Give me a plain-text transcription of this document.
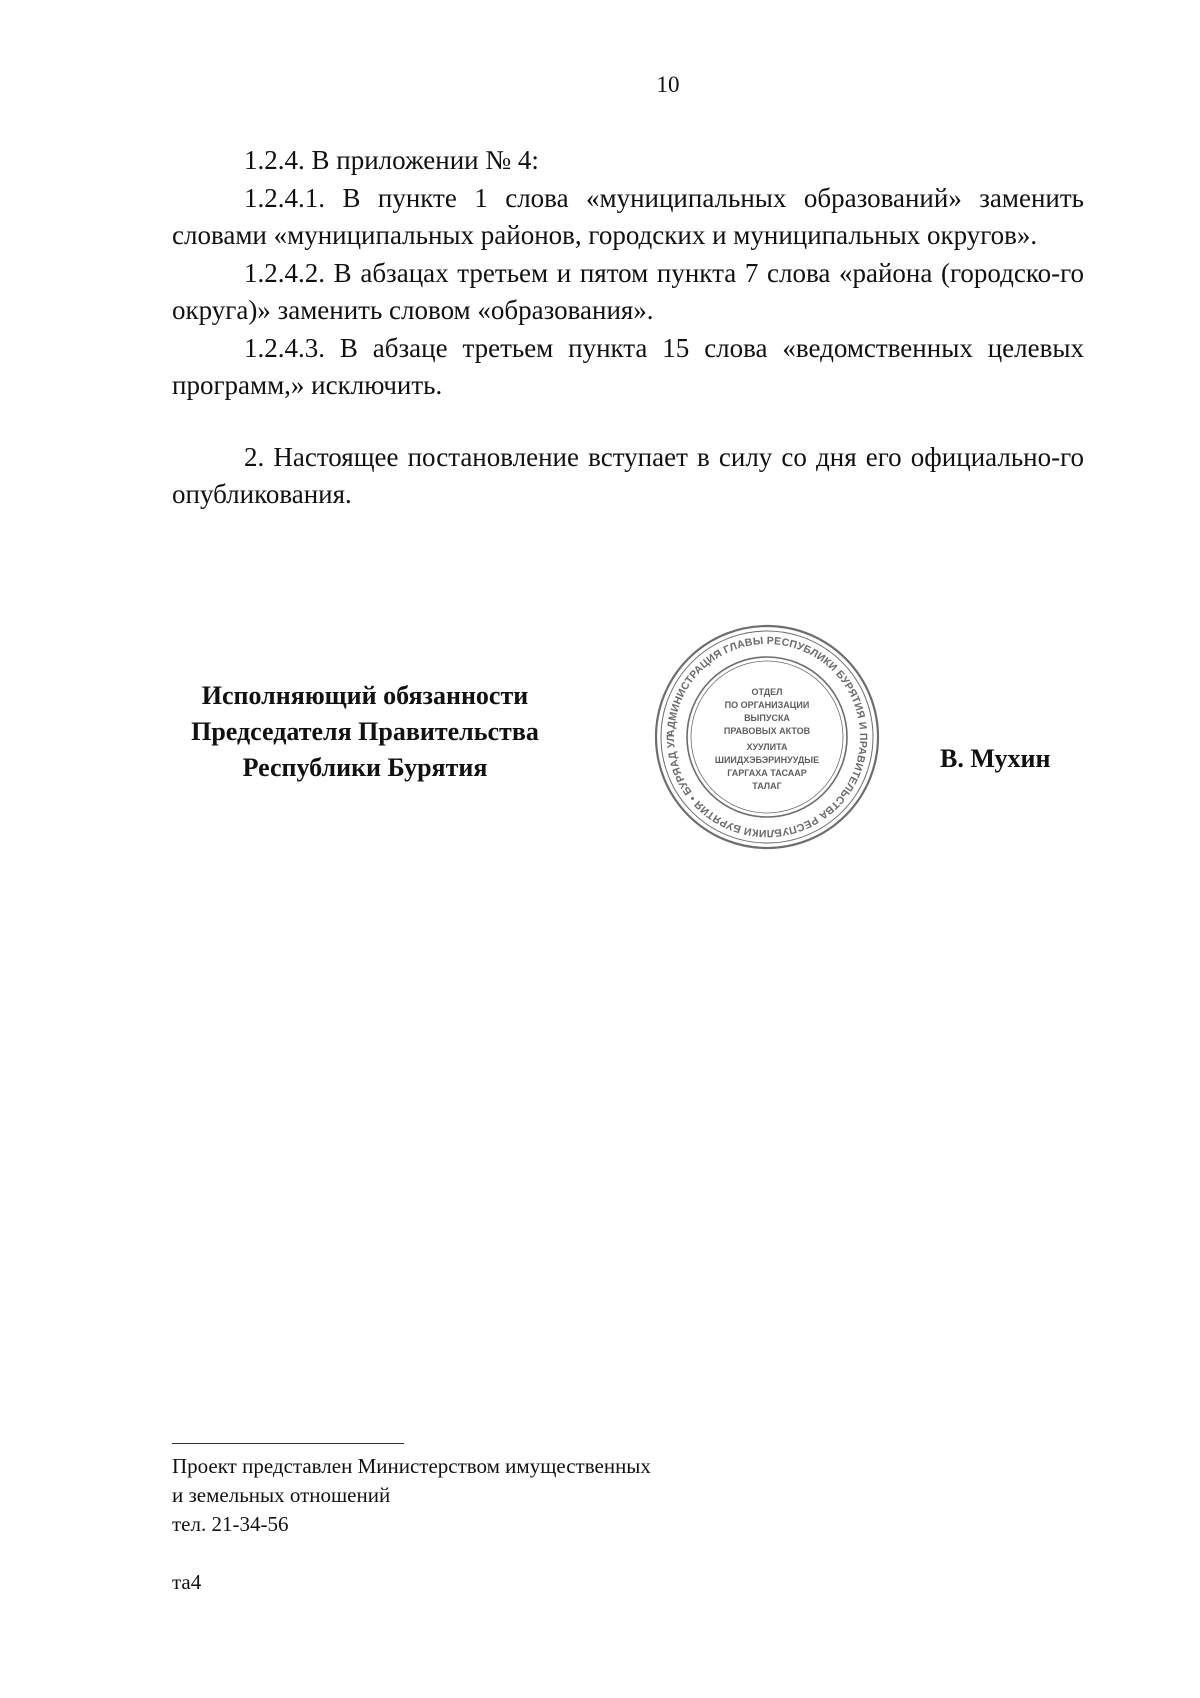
10

1.2.4. В приложении № 4:

1.2.4.1. В пункте 1 слова «муниципальных образований» заменить словами «муниципальных районов, городских и муниципальных округов».

1.2.4.2. В абзацах третьем и пятом пункта 7 слова «района (городско-го округа)» заменить словом «образования».

1.2.4.3. В абзаце третьем пункта 15 слова «ведомственных целевых программ,» исключить.

2. Настоящее постановление вступает в силу со дня его официально-го опубликования.

Исполняющий обязанности
Председателя Правительства
Республики Бурятия
АДМИНИСТРАЦИЯ ГЛАВЫ РЕСПУБЛИКИ БУРЯТИЯ И ПРАВИТЕЛЬСТВА РЕСПУБЛИКИ БУРЯТИЯ • БУРЯАД УЛ
ОТДЕЛ
ПО ОРГАНИЗАЦИИ
ВЫПУСКА
ПРАВОВЫХ АКТОВ
ХУУЛИТА
ШИИДХЭБЭРИНУУДЫЕ
ГАРГАХА ТАСААР
ТАЛАГ
В. Мухин
Проект представлен Министерством имущественных
и земельных отношений
тел. 21-34-56
та4
